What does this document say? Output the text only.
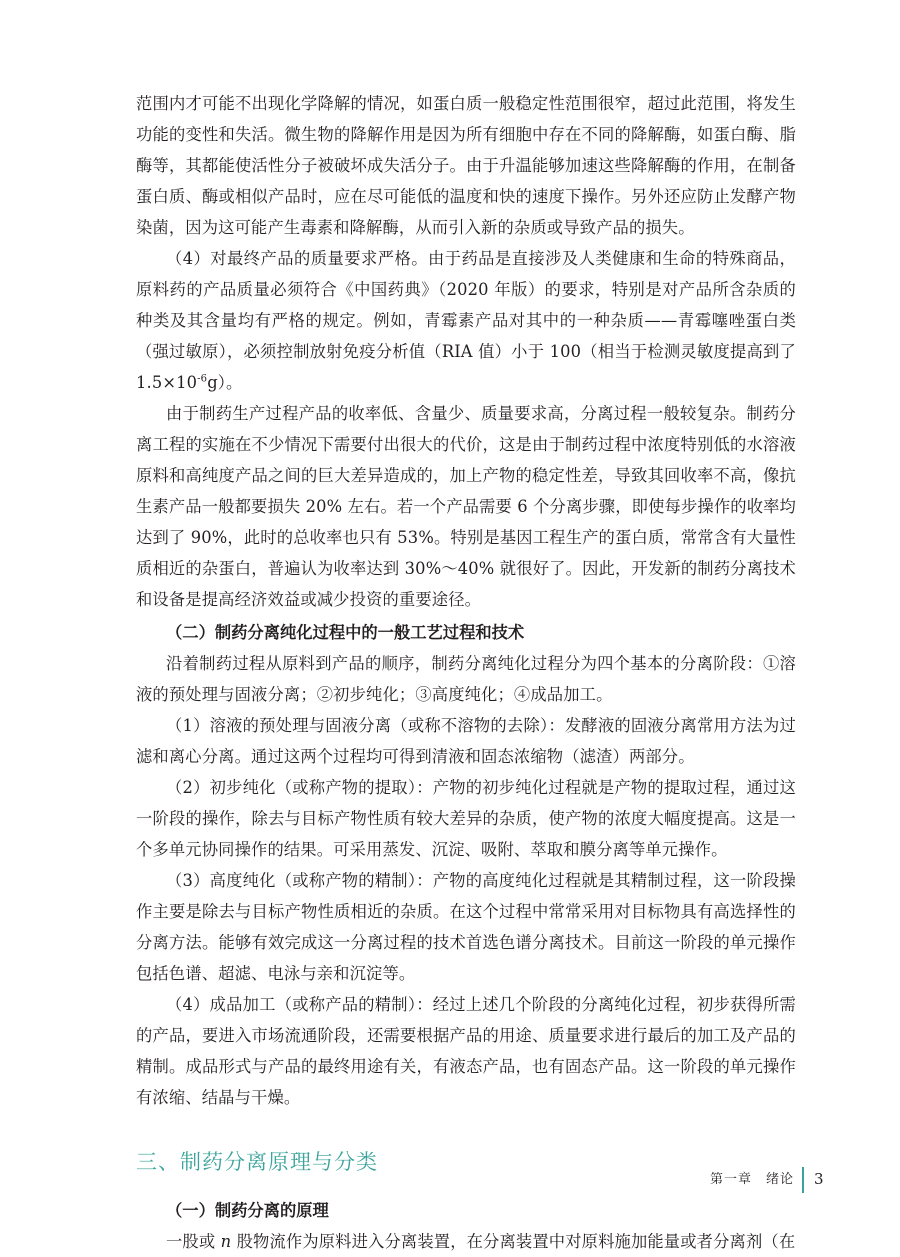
范围内才可能不出现化学降解的情况，如蛋白质一般稳定性范围很窄，超过此范围，将发生功能的变性和失活。微生物的降解作用是因为所有细胞中存在不同的降解酶，如蛋白酶、脂酶等，其都能使活性分子被破坏成失活分子。由于升温能够加速这些降解酶的作用，在制备蛋白质、酶或相似产品时，应在尽可能低的温度和快的速度下操作。另外还应防止发酵产物染菌，因为这可能产生毒素和降解酶，从而引入新的杂质或导致产品的损失。

（4）对最终产品的质量要求严格。由于药品是直接涉及人类健康和生命的特殊商品，原料药的产品质量必须符合《中国药典》（2020 年版）的要求，特别是对产品所含杂质的种类及其含量均有严格的规定。例如，青霉素产品对其中的一种杂质——青霉噻唑蛋白类（强过敏原），必须控制放射免疫分析值（RIA 值）小于 100（相当于检测灵敏度提高到了 $1.5\times 10^{-6}g$）。

由于制药生产过程产品的收率低、含量少、质量要求高，分离过程一般较复杂。制药分离工程的实施在不少情况下需要付出很大的代价，这是由于制药过程中浓度特别低的水溶液原料和高纯度产品之间的巨大差异造成的，加上产物的稳定性差，导致其回收率不高，像抗生素产品一般都要损失 20% 左右。若一个产品需要 6 个分离步骤，即使每步操作的收率均达到了 90%，此时的总收率也只有 53%。特别是基因工程生产的蛋白质，常常含有大量性质相近的杂蛋白，普遍认为收率达到 30%～40% 就很好了。因此，开发新的制药分离技术和设备是提高经济效益或减少投资的重要途径。

（二）制药分离纯化过程中的一般工艺过程和技术

沿着制药过程从原料到产品的顺序，制药分离纯化过程分为四个基本的分离阶段：①溶液的预处理与固液分离；②初步纯化；③高度纯化；④成品加工。

（1）溶液的预处理与固液分离（或称不溶物的去除）：发酵液的固液分离常用方法为过滤和离心分离。通过这两个过程均可得到清液和固态浓缩物（滤渣）两部分。

（2）初步纯化（或称产物的提取）：产物的初步纯化过程就是产物的提取过程，通过这一阶段的操作，除去与目标产物性质有较大差异的杂质，使产物的浓度大幅度提高。这是一个多单元协同操作的结果。可采用蒸发、沉淀、吸附、萃取和膜分离等单元操作。

（3）高度纯化（或称产物的精制）：产物的高度纯化过程就是其精制过程，这一阶段操作主要是除去与目标产物性质相近的杂质。在这个过程中常常采用对目标物具有高选择性的分离方法。能够有效完成这一分离过程的技术首选色谱分离技术。目前这一阶段的单元操作包括色谱、超滤、电泳与亲和沉淀等。

（4）成品加工（或称产品的精制）：经过上述几个阶段的分离纯化过程，初步获得所需的产品，要进入市场流通阶段，还需要根据产品的用途、质量要求进行最后的加工及产品的精制。成品形式与产品的最终用途有关，有液态产品，也有固态产品。这一阶段的单元操作有浓缩、结晶与干燥。

三、制药分离原理与分类

（一）制药分离的原理

一股或 n 股物流作为原料进入分离装置，在分离装置中对原料施加能量或者分离剂（在

第一章　绪论 3
